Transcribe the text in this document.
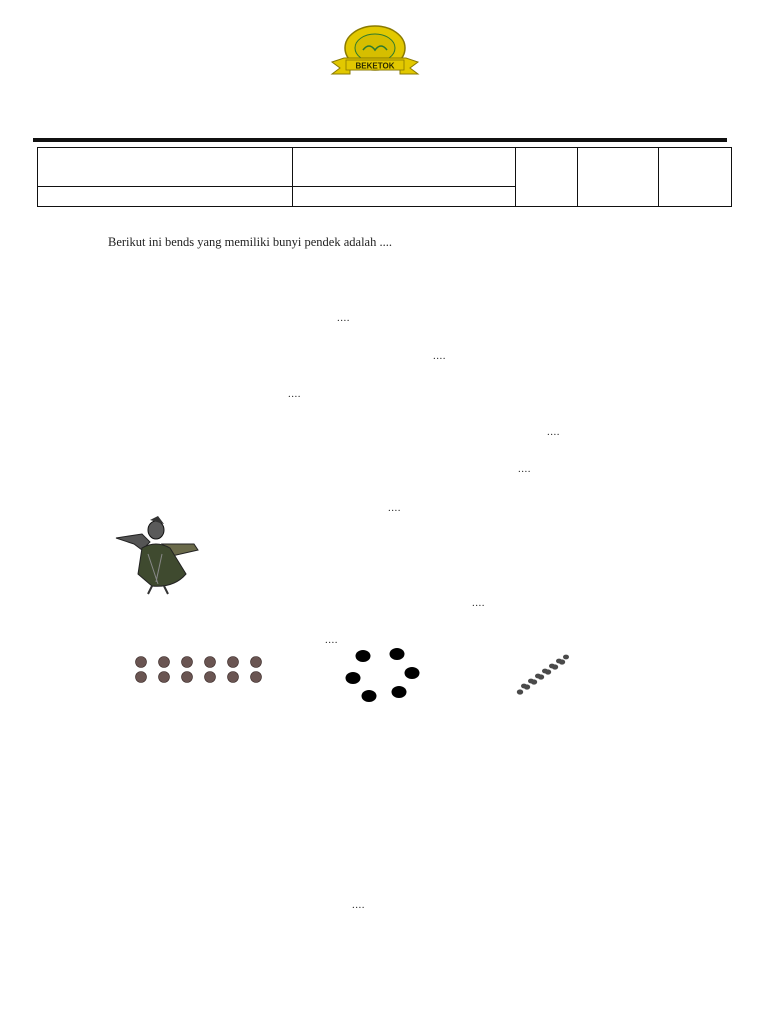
BEKETOK
Berikut ini bends yang memiliki bunyi pendek adalah ....
....
....
....
....
....
....
....
....
....
